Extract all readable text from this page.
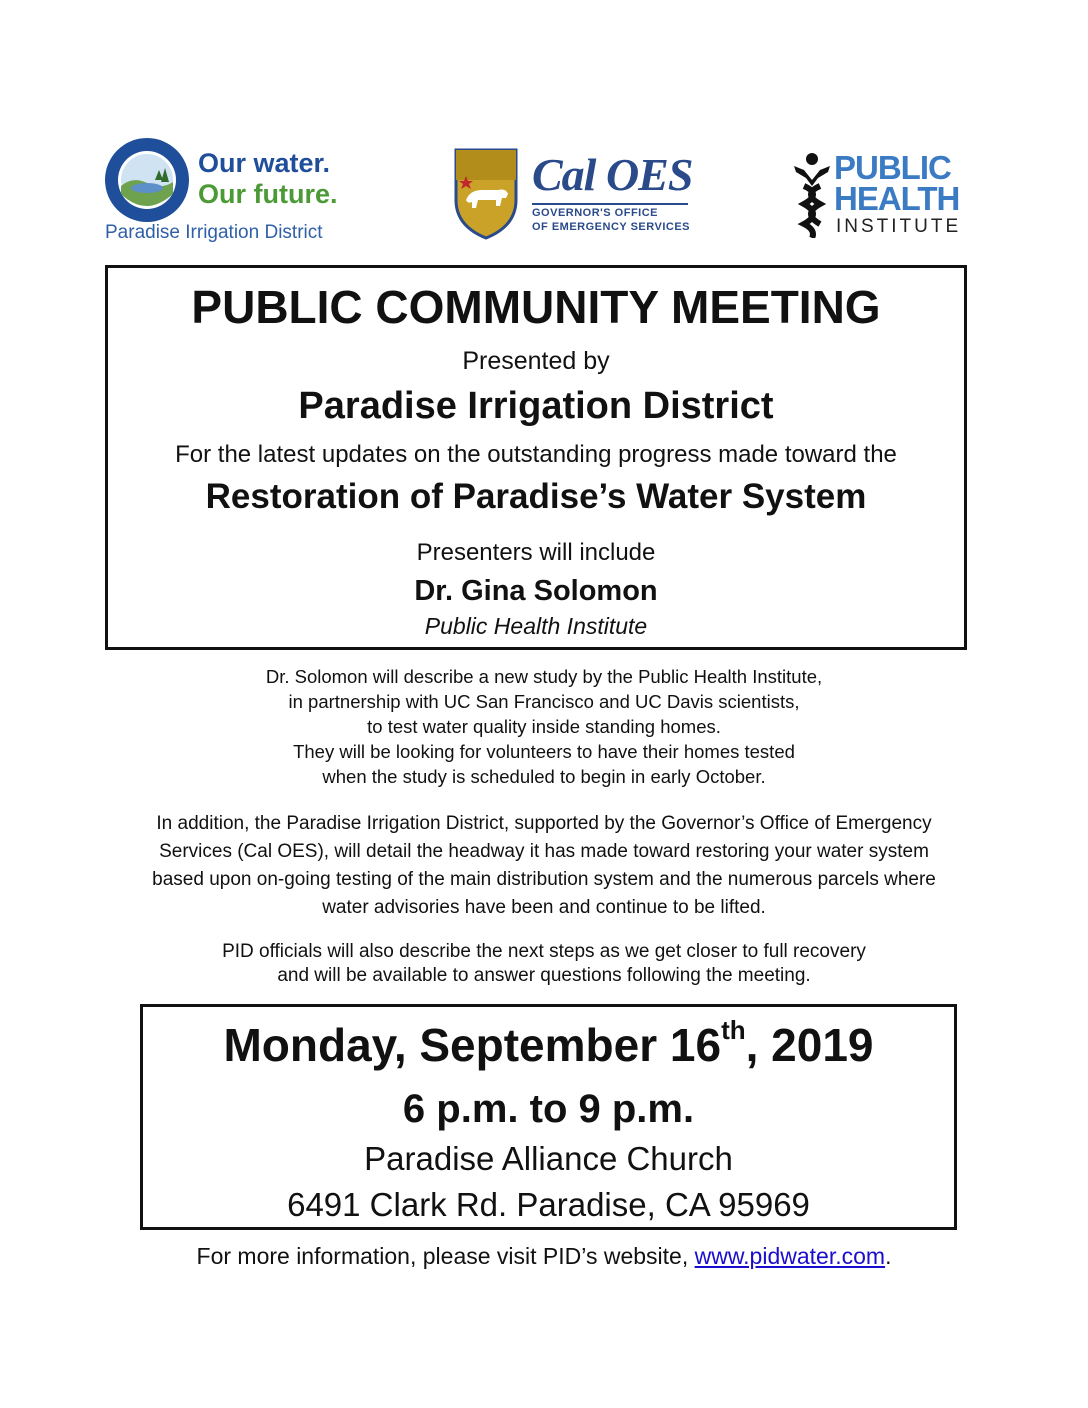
Our water.
Our future.
Paradise Irrigation District
Cal OES
GOVERNOR'S OFFICE
OF EMERGENCY SERVICES
PUBLIC
HEALTH
INSTITUTE
PUBLIC COMMUNITY MEETING
Presented by
Paradise Irrigation District
For the latest updates on the outstanding progress made toward the
Restoration of Paradise’s Water System
Presenters will include
Dr. Gina Solomon
Public Health Institute
Dr. Solomon will describe a new study by the Public Health Institute,
in partnership with UC San Francisco and UC Davis scientists,
to test water quality inside standing homes.
They will be looking for volunteers to have their homes tested
when the study is scheduled to begin in early October.
In addition, the Paradise Irrigation District, supported by the Governor’s Office of Emergency
Services (Cal OES), will detail the headway it has made toward restoring your water system
based upon on-going testing of the main distribution system and the numerous parcels where
water advisories have been and continue to be lifted.
PID officials will also describe the next steps as we get closer to full recovery
and will be available to answer questions following the meeting.
Monday, September 16th, 2019
6 p.m. to 9 p.m.
Paradise Alliance Church
6491 Clark Rd. Paradise, CA 95969
For more information, please visit PID’s website, www.pidwater.com.
